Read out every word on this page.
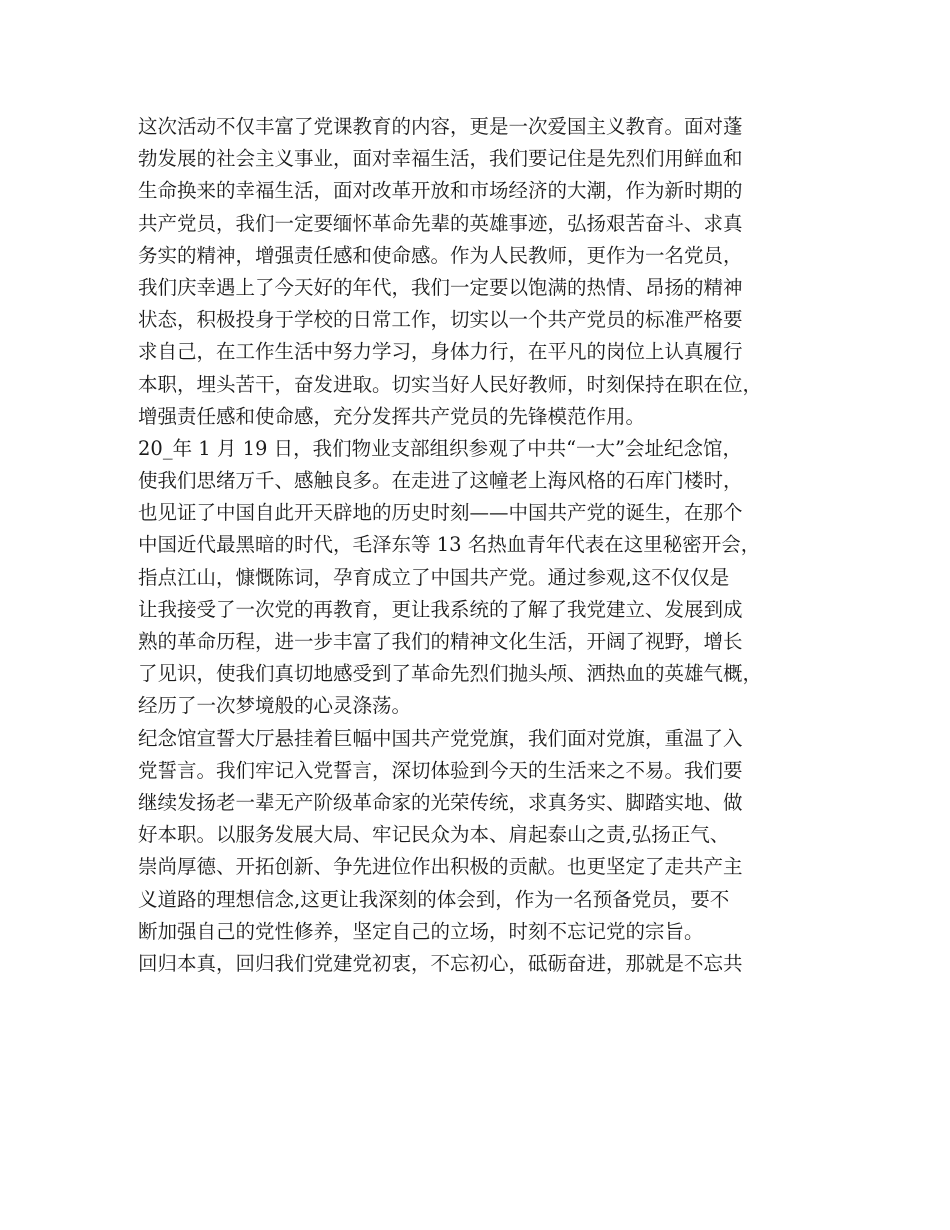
这次活动不仅丰富了党课教育的内容，更是一次爱国主义教育。面对蓬
勃发展的社会主义事业，面对幸福生活，我们要记住是先烈们用鲜血和
生命换来的幸福生活，面对改革开放和市场经济的大潮，作为新时期的
共产党员，我们一定要缅怀革命先辈的英雄事迹，弘扬艰苦奋斗、求真
务实的精神，增强责任感和使命感。作为人民教师，更作为一名党员，
我们庆幸遇上了今天好的年代，我们一定要以饱满的热情、昂扬的精神
状态，积极投身于学校的日常工作，切实以一个共产党员的标准严格要
求自己，在工作生活中努力学习，身体力行，在平凡的岗位上认真履行
本职，埋头苦干，奋发进取。切实当好人民好教师，时刻保持在职在位，
增强责任感和使命感，充分发挥共产党员的先锋模范作用。
20_年 1 月 19 日，我们物业支部组织参观了中共“一大”会址纪念馆，
使我们思绪万千、感触良多。在走进了这幢老上海风格的石库门楼时，
也见证了中国自此开天辟地的历史时刻——中国共产党的诞生，在那个
中国近代最黑暗的时代，毛泽东等 13 名热血青年代表在这里秘密开会，
指点江山，慷慨陈词，孕育成立了中国共产党。通过参观,这不仅仅是
让我接受了一次党的再教育，更让我系统的了解了我党建立、发展到成
熟的革命历程，进一步丰富了我们的精神文化生活，开阔了视野，增长
了见识，使我们真切地感受到了革命先烈们抛头颅、洒热血的英雄气概，
经历了一次梦境般的心灵涤荡。
纪念馆宣誓大厅悬挂着巨幅中国共产党党旗，我们面对党旗，重温了入
党誓言。我们牢记入党誓言，深切体验到今天的生活来之不易。我们要
继续发扬老一辈无产阶级革命家的光荣传统，求真务实、脚踏实地、做
好本职。以服务发展大局、牢记民众为本、肩起泰山之责,弘扬正气、
崇尚厚德、开拓创新、争先进位作出积极的贡献。也更坚定了走共产主
义道路的理想信念,这更让我深刻的体会到，作为一名预备党员，要不
断加强自己的党性修养，坚定自己的立场，时刻不忘记党的宗旨。
回归本真，回归我们党建党初衷，不忘初心，砥砺奋进，那就是不忘共
